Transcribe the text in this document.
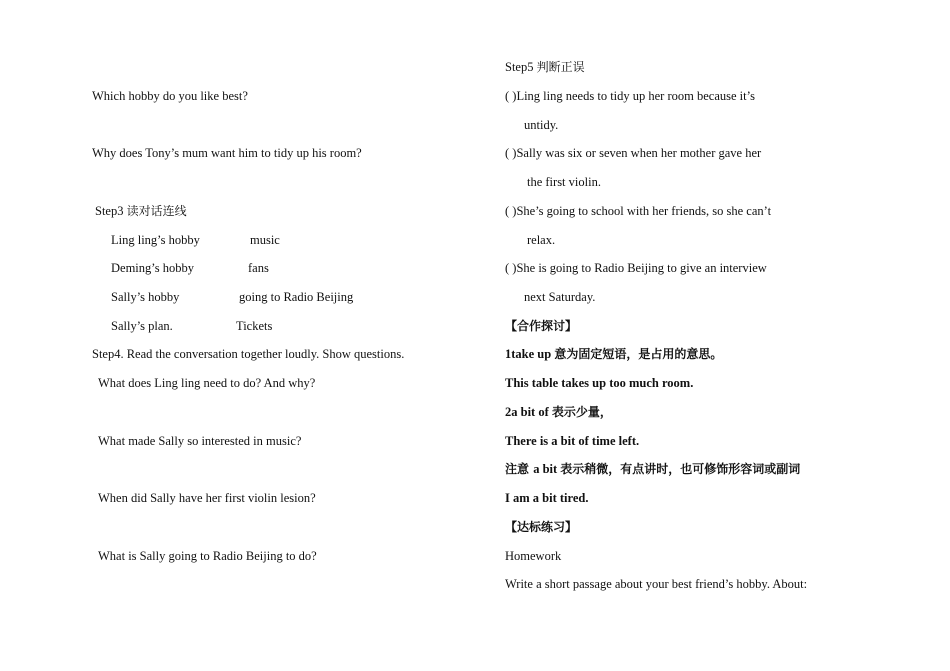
Which hobby do you like best?
Why does Tony’s mum want him to tidy up his room?
Step3 读对话连线
Ling ling’s hobby	music
Deming’s hobby	fans
Sally’s hobby	going to Radio Beijing
Sally’s plan.	Tickets
Step4. Read the conversation together loudly. Show questions.
What does Ling ling need to do? And why?
What made Sally so interested in music?
When did Sally have her first violin lesion?
What is Sally going to Radio Beijing to do?
Step5 判断正误
( )Ling ling needs to tidy up her room because it’s
untidy.
( )Sally was six or seven when her mother gave her
the first violin.
( )She’s going to school with her friends, so she can’t
relax.
( )She is going to Radio Beijing to give an interview
next Saturday.
【合作探讨】
1take up 意为固定短语，是占用的意思。
This table takes up too much room.
2a bit of 表示少量，
There is a bit of time left.
注意 a bit 表示稍微，有点讲时，也可修饰形容词或副词
I am a bit tired.
【达标练习】
Homework
Write a short passage about your best friend’s hobby. About:
